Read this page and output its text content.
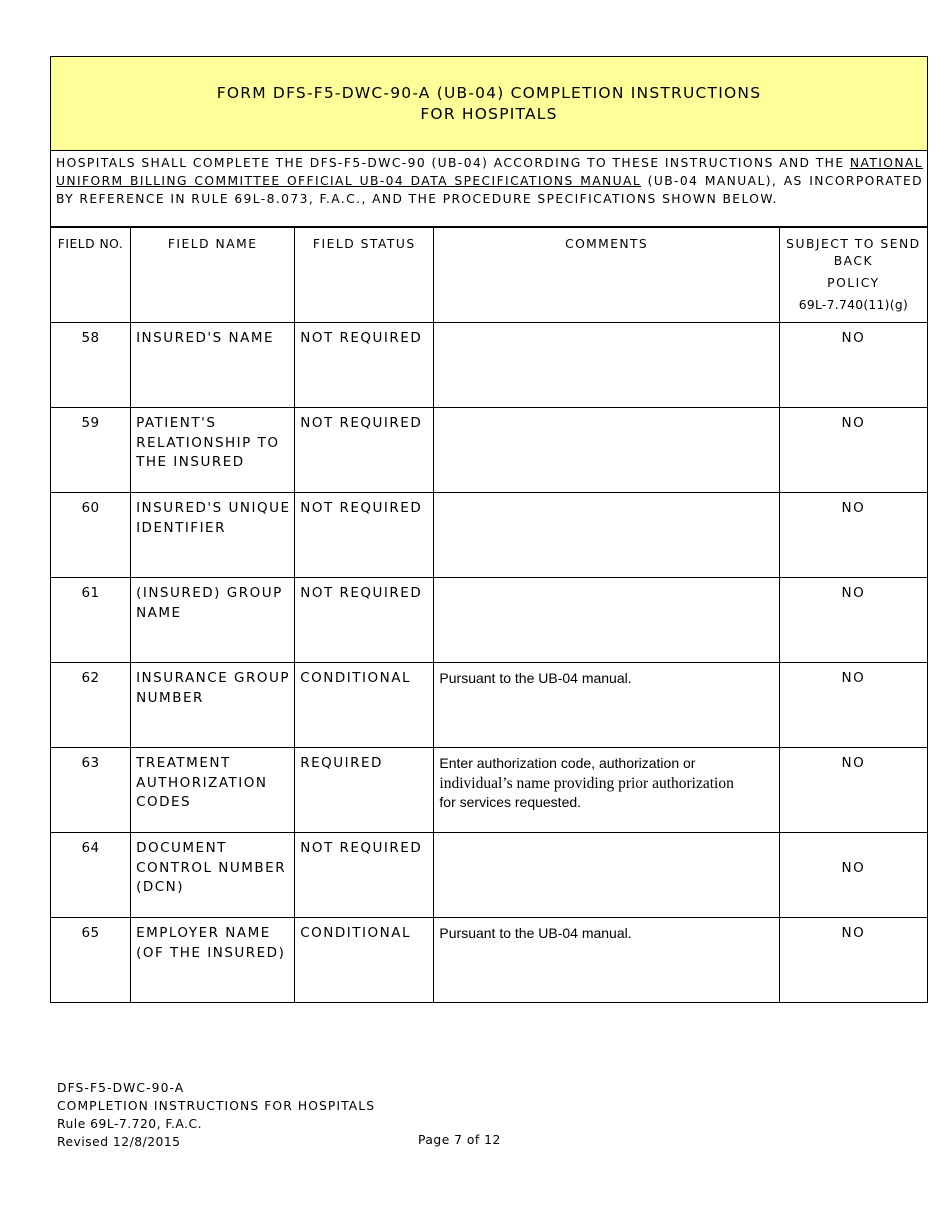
FORM DFS-F5-DWC-90-A (UB-04) COMPLETION INSTRUCTIONS
FOR HOSPITALS
HOSPITALS SHALL COMPLETE THE DFS-F5-DWC-90 (UB-04) ACCORDING TO THESE INSTRUCTIONS AND THE NATIONAL UNIFORM BILLING COMMITTEE OFFICIAL UB-04 DATA SPECIFICATIONS MANUAL (UB-04 MANUAL), AS INCORPORATED BY REFERENCE IN RULE 69L-8.073, F.A.C., AND THE PROCEDURE SPECIFICATIONS SHOWN BELOW.
FIELD NO.	FIELD NAME	FIELD STATUS	COMMENTS	SUBJECT TO SEND BACK
POLICY
69L-7.740(11)(g)

58	INSURED'S NAME	NOT REQUIRED		NO
59	PATIENT'S RELATIONSHIP TO THE INSURED	NOT REQUIRED		NO
60	INSURED'S UNIQUE IDENTIFIER	NOT REQUIRED		NO
61	(INSURED) GROUP NAME	NOT REQUIRED		NO
62	INSURANCE GROUP NUMBER	CONDITIONAL	Pursuant to the UB-04 manual.	NO
63	TREATMENT AUTHORIZATION CODES	REQUIRED	Enter authorization code, authorization or
individual’s name providing prior authorization
for services requested.	NO
64	DOCUMENT CONTROL NUMBER (DCN)	NOT REQUIRED		NO
65	EMPLOYER NAME (OF THE INSURED)	CONDITIONAL	Pursuant to the UB-04 manual.	NO
DFS-F5-DWC-90-A
COMPLETION INSTRUCTIONS FOR HOSPITALS
Rule 69L-7.720, F.A.C.
Revised 12/8/2015	Page 7 of 12
